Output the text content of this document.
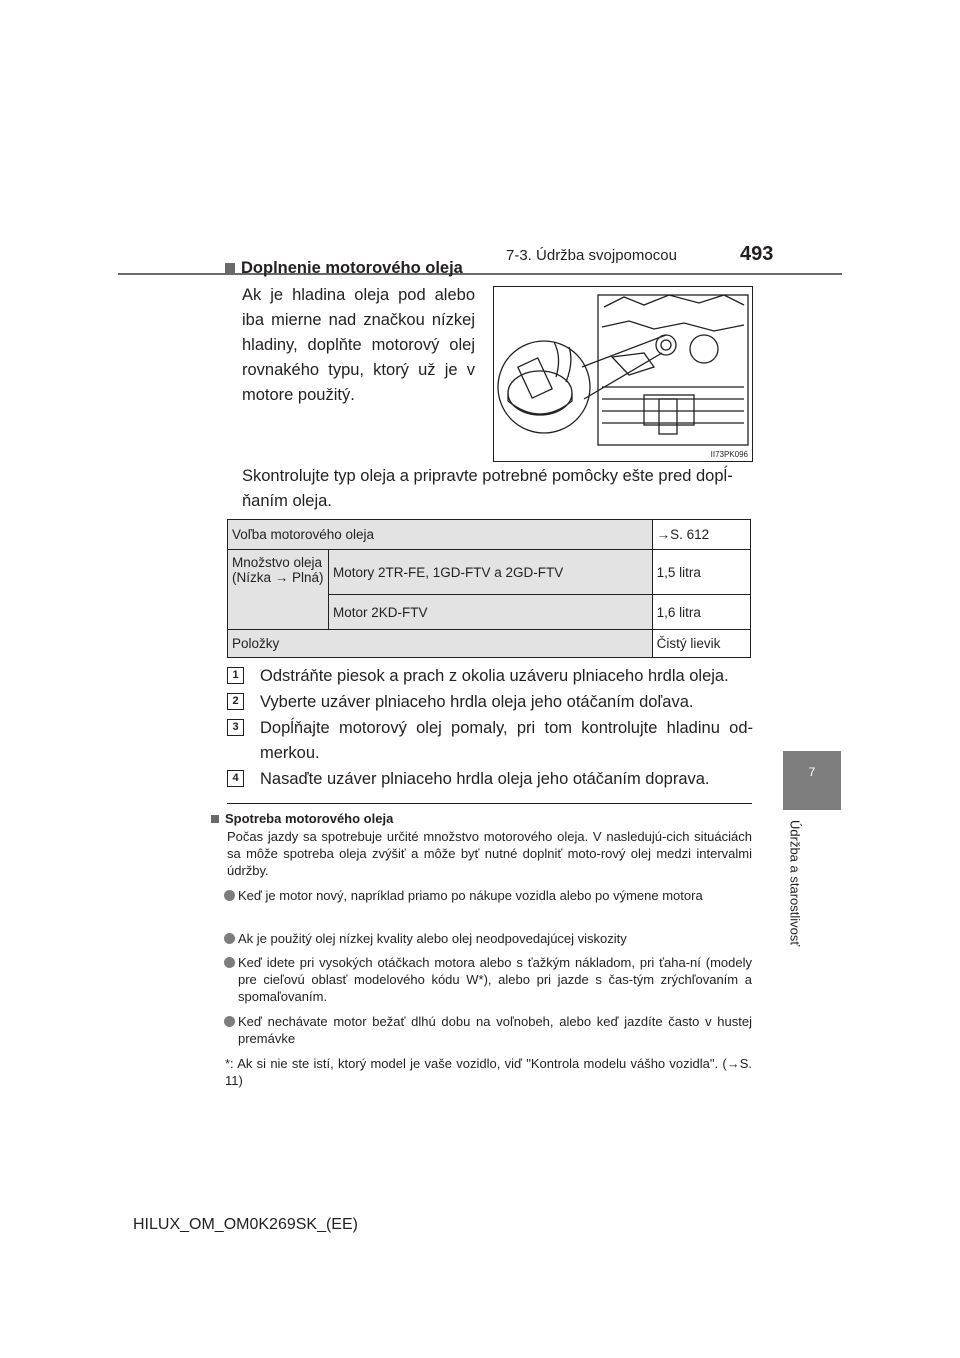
7-3. Údržba svojpomocou	493
7
Údržba a starostlivosť
Doplnenie motorového oleja
Ak je hladina oleja pod alebo iba mierne nad značkou nízkej hladiny, doplňte motorový olej rovnakého typu, ktorý už je v motore použitý.
II73PK096
Skontrolujte typ oleja a pripravte potrebné pomôcky ešte pred dopĺ-ňaním oleja.
Voľba motorového oleja		→S. 612
Množstvo oleja (Nízka → Plná)	Motory 2TR-FE, 1GD-FTV a 2GD-FTV	1,5 litra
	Motor 2KD-FTV	1,6 litra
Položky		Čistý lievik
1	Odstráňte piesok a prach z okolia uzáveru plniaceho hrdla oleja.
2	Vyberte uzáver plniaceho hrdla oleja jeho otáčaním doľava.
3	Dopĺňajte motorový olej pomaly, pri tom kontrolujte hladinu od-merkou.
4	Nasaďte uzáver plniaceho hrdla oleja jeho otáčaním doprava.
Spotreba motorového oleja
Počas jazdy sa spotrebuje určité množstvo motorového oleja. V nasledujú-cich situáciách sa môže spotreba oleja zvýšiť a môže byť nutné doplniť moto-rový olej medzi intervalmi údržby.
Keď je motor nový, napríklad priamo po nákupe vozidla alebo po výmene motora
Ak je použitý olej nízkej kvality alebo olej neodpovedajúcej viskozity
Keď idete pri vysokých otáčkach motora alebo s ťažkým nákladom, pri ťaha-ní (modely pre cieľovú oblasť modelového kódu W*), alebo pri jazde s čas-tým zrýchľovaním a spomaľovaním.
Keď nechávate motor bežať dlhú dobu na voľnobeh, alebo keď jazdíte často v hustej premávke
*: Ak si nie ste istí, ktorý model je vaše vozidlo, viď "Kontrola modelu vášho vozidla". (→S. 11)
HILUX_OM_OM0K269SK_(EE)
